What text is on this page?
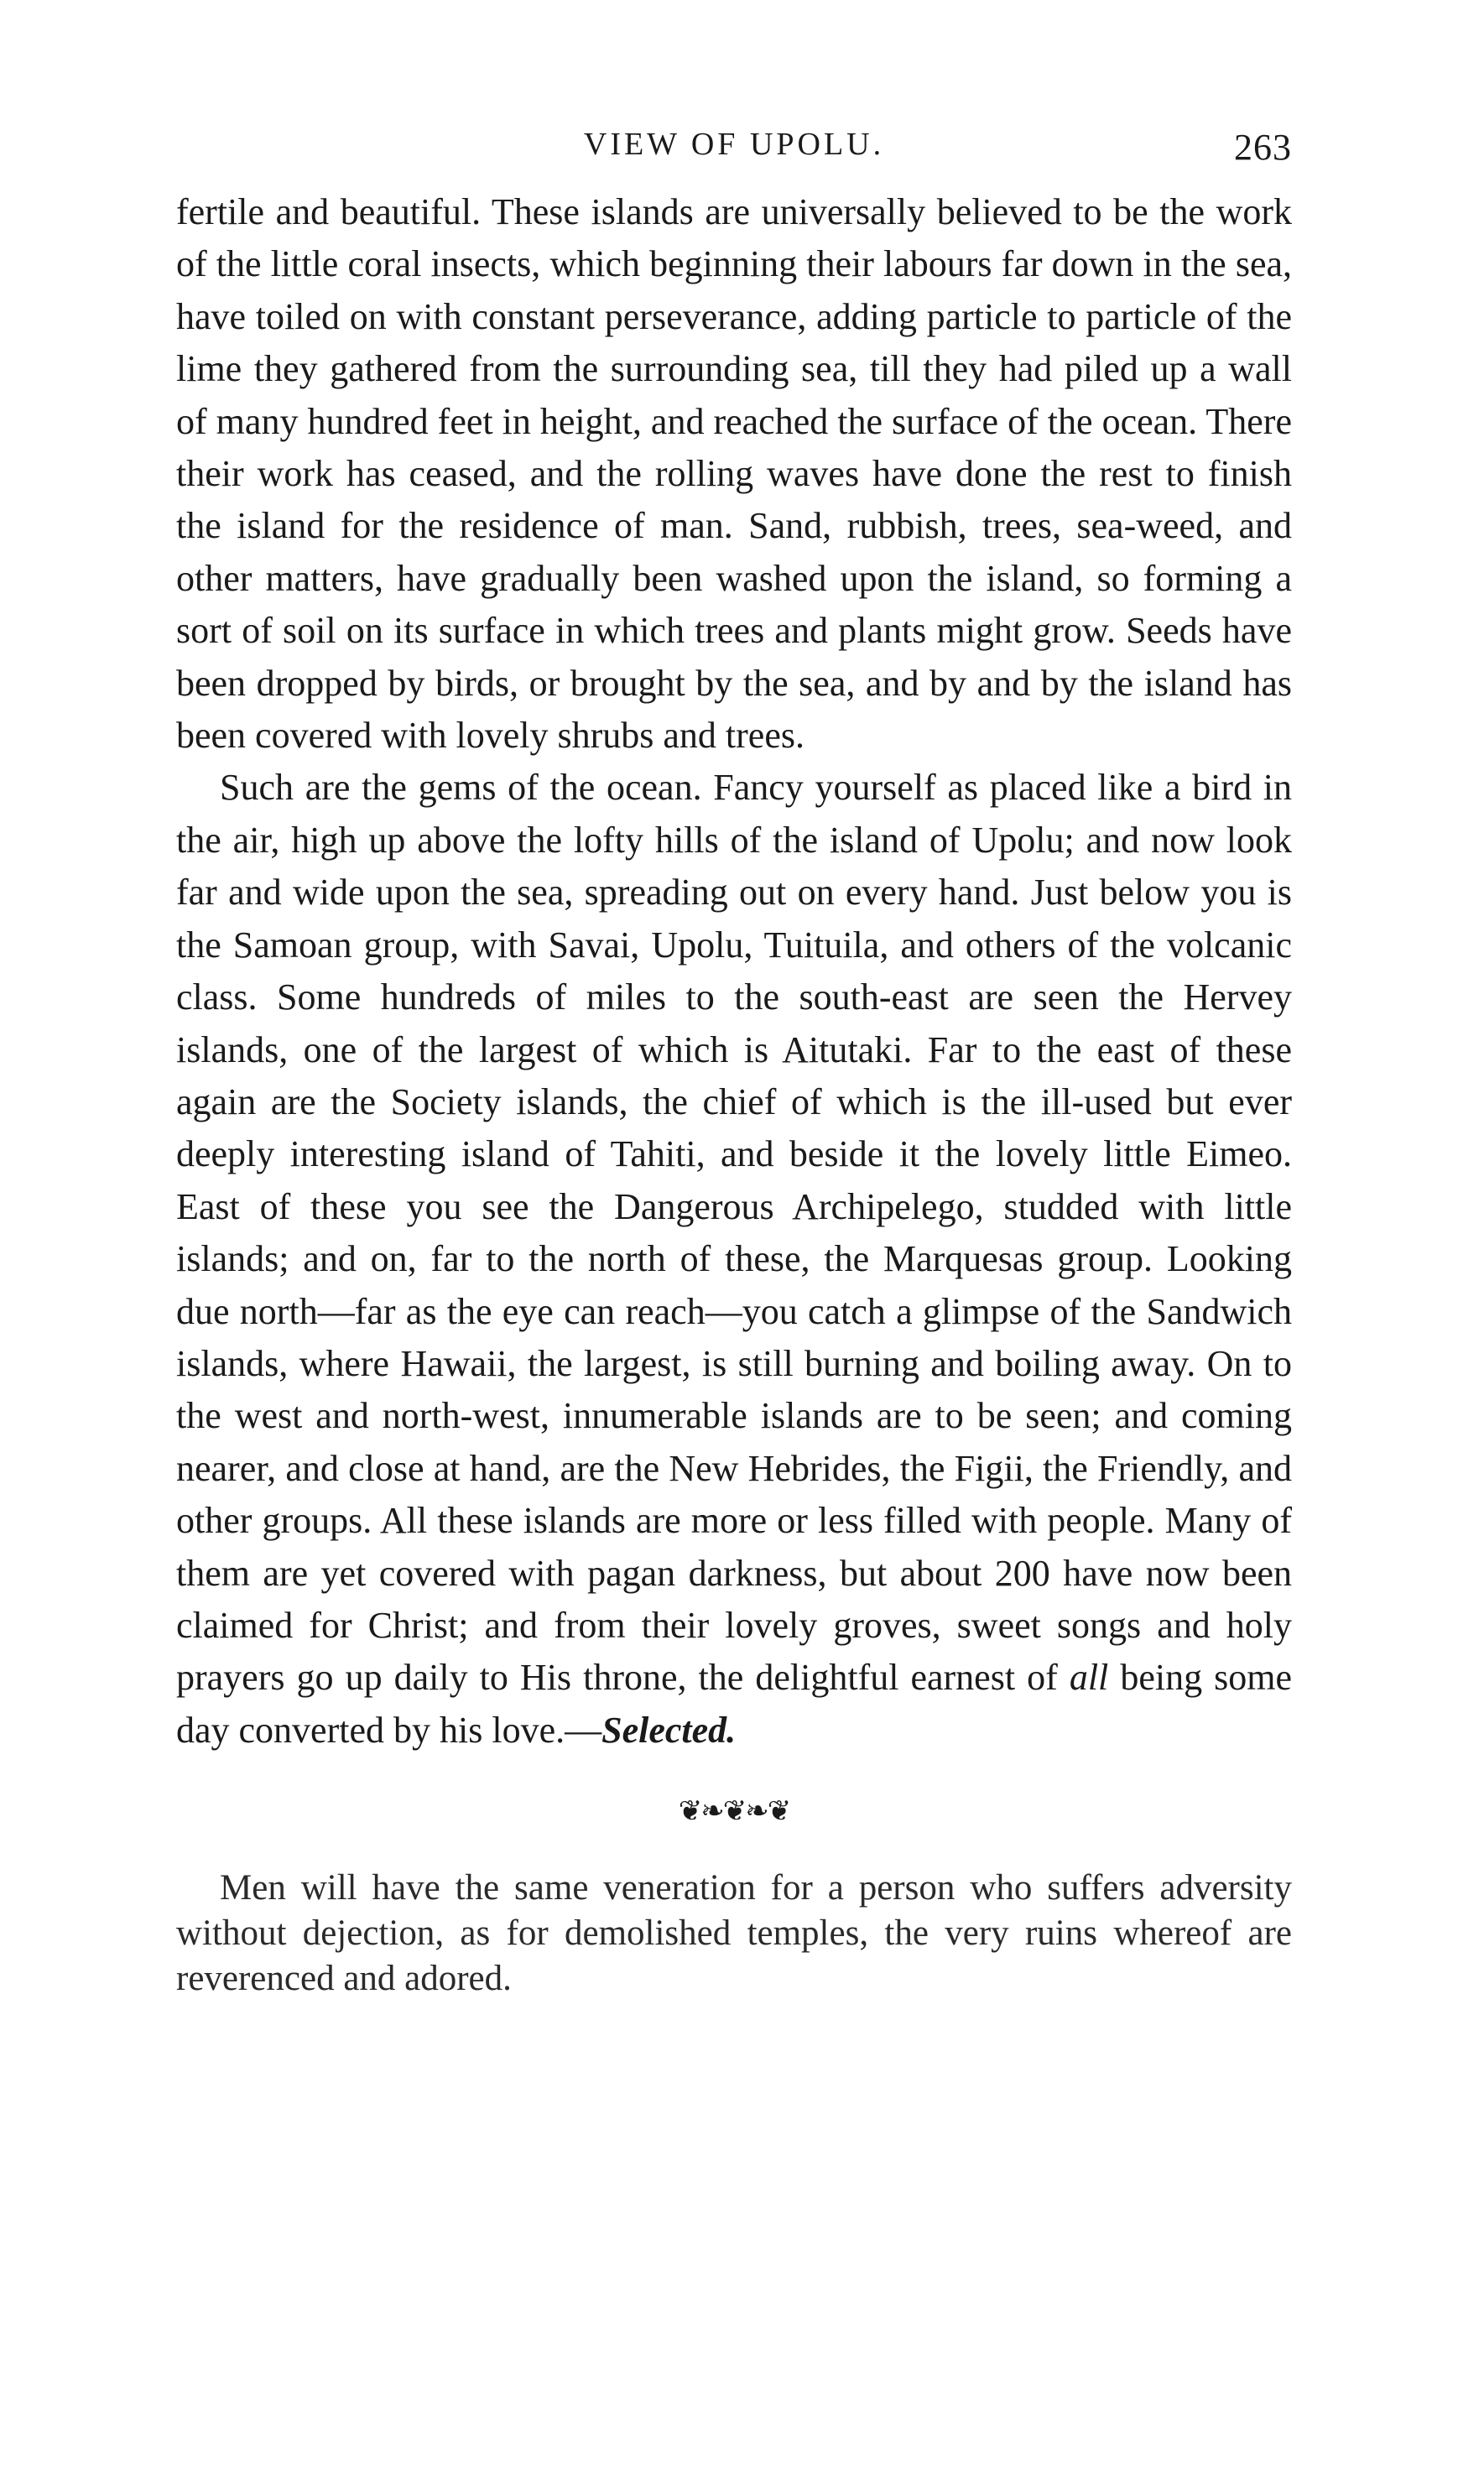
VIEW OF UPOLU.	263

fertile and beautiful. These islands are universally believed to be the work of the little coral insects, which beginning their labours far down in the sea, have toiled on with constant perseverance, adding particle to particle of the lime they gathered from the surrounding sea, till they had piled up a wall of many hundred feet in height, and reached the surface of the ocean. There their work has ceased, and the rolling waves have done the rest to finish the island for the residence of man. Sand, rubbish, trees, sea-weed, and other matters, have gradually been washed upon the island, so forming a sort of soil on its surface in which trees and plants might grow. Seeds have been dropped by birds, or brought by the sea, and by and by the island has been covered with lovely shrubs and trees.

Such are the gems of the ocean. Fancy yourself as placed like a bird in the air, high up above the lofty hills of the island of Upolu; and now look far and wide upon the sea, spreading out on every hand. Just below you is the Samoan group, with Savai, Upolu, Tuituila, and others of the volcanic class. Some hundreds of miles to the south-east are seen the Hervey islands, one of the largest of which is Aitutaki. Far to the east of these again are the Society islands, the chief of which is the ill-used but ever deeply interesting island of Tahiti, and beside it the lovely little Eimeo. East of these you see the Dangerous Archipelego, studded with little islands; and on, far to the north of these, the Marquesas group. Looking due north—far as the eye can reach—you catch a glimpse of the Sandwich islands, where Hawaii, the largest, is still burning and boiling away. On to the west and north-west, innumerable islands are to be seen; and coming nearer, and close at hand, are the New Hebrides, the Figii, the Friendly, and other groups. All these islands are more or less filled with people. Many of them are yet covered with pagan darkness, but about 200 have now been claimed for Christ; and from their lovely groves, sweet songs and holy prayers go up daily to His throne, the delightful earnest of all being some day converted by his love.—Selected.

❦❧❦❧❦

Men will have the same veneration for a person who suffers adversity without dejection, as for demolished temples, the very ruins whereof are reverenced and adored.
